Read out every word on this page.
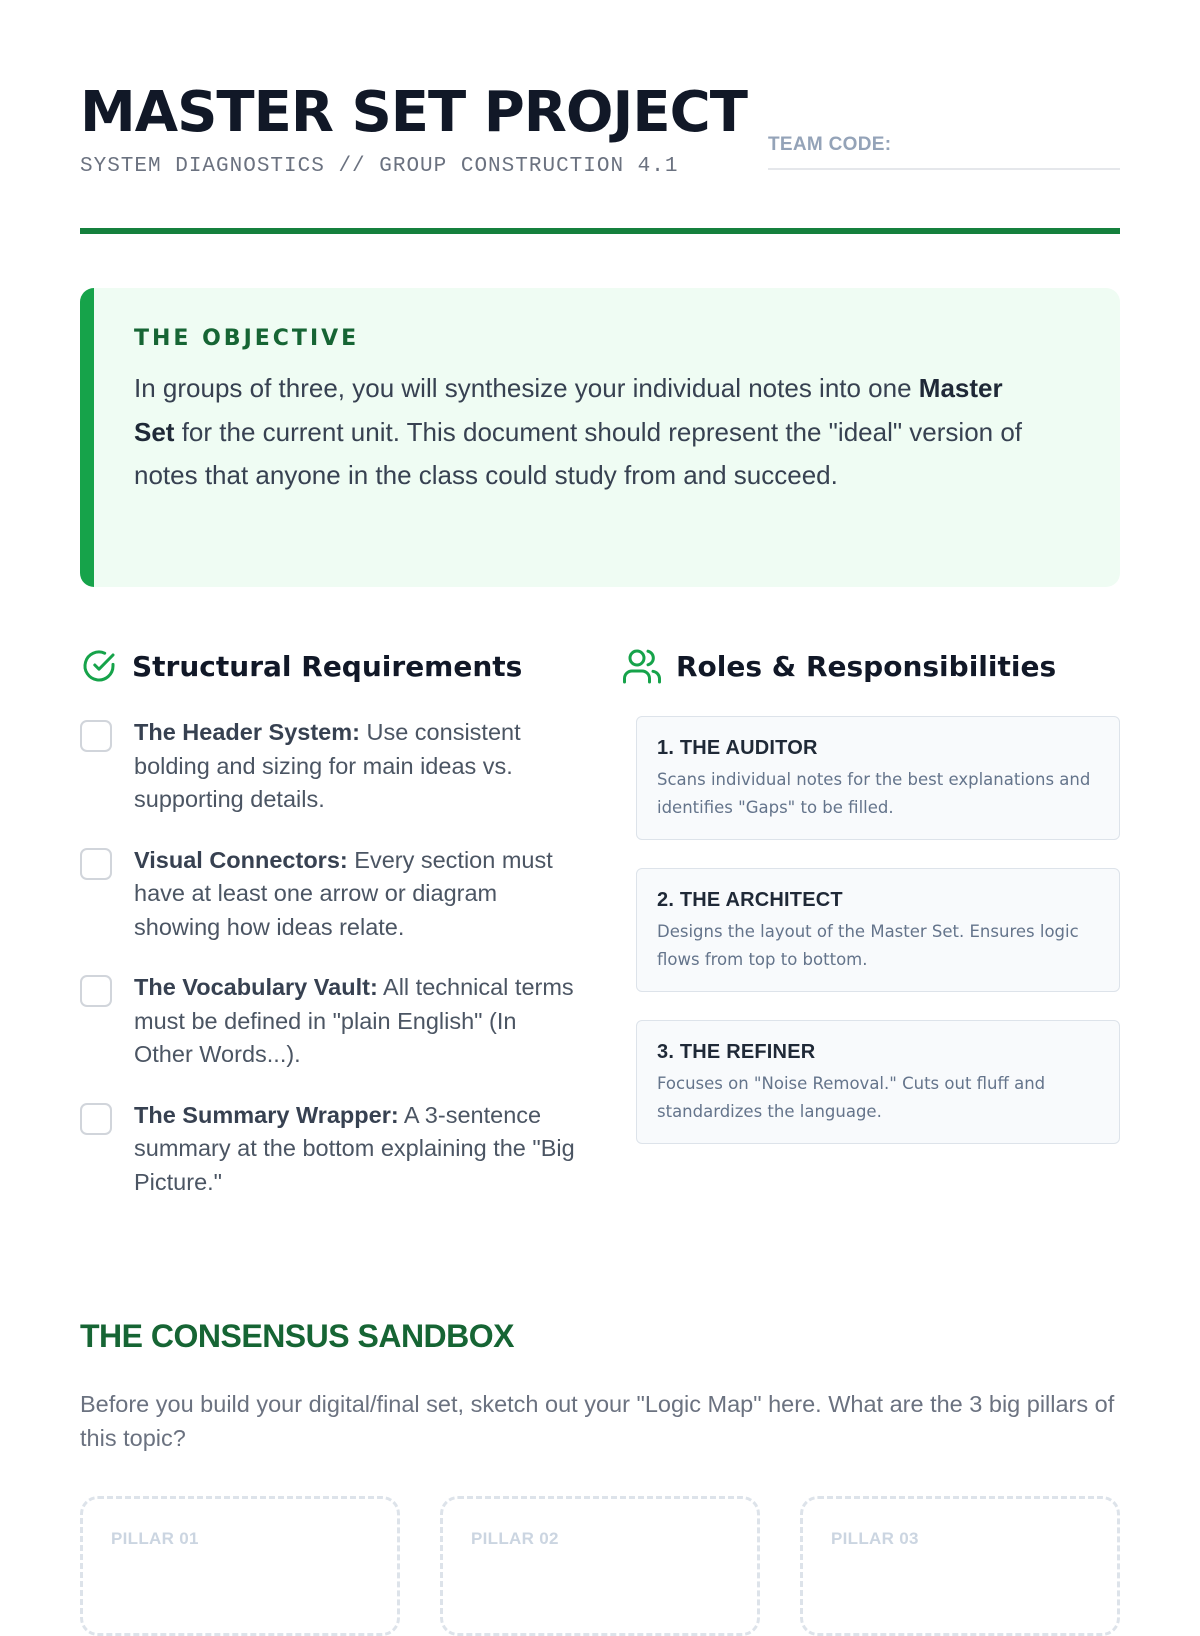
MASTER SET PROJECT
SYSTEM DIAGNOSTICS // GROUP CONSTRUCTION 4.1
TEAM CODE:
THE OBJECTIVE

In groups of three, you will synthesize your individual notes into one Master Set for the current unit. This document should represent the "ideal" version of notes that anyone in the class could study from and succeed.

Structural Requirements
The Header System: Use consistent bolding and sizing for main ideas vs. supporting details.
Visual Connectors: Every section must have at least one arrow or diagram showing how ideas relate.
The Vocabulary Vault: All technical terms must be defined in "plain English" (In Other Words...).
The Summary Wrapper: A 3-sentence summary at the bottom explaining the "Big Picture."
Roles & Responsibilities
1. THE AUDITOR
Scans individual notes for the best explanations and identifies "Gaps" to be filled.
2. THE ARCHITECT
Designs the layout of the Master Set. Ensures logic flows from top to bottom.
3. THE REFINER
Focuses on "Noise Removal." Cuts out fluff and standardizes the language.
THE CONSENSUS SANDBOX

Before you build your digital/final set, sketch out your "Logic Map" here. What are the 3 big pillars of this topic?

PILLAR 01	PILLAR 02	PILLAR 03
